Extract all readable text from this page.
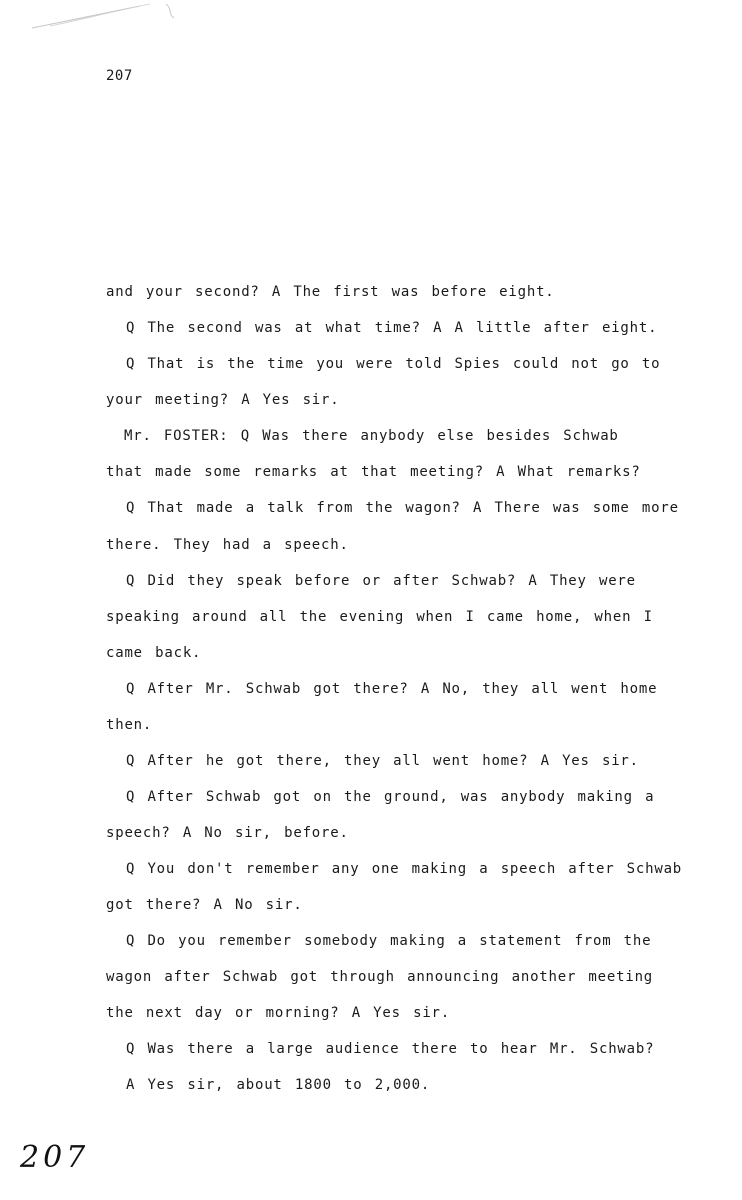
207
and your second? A The first was before eight.
Q The second was at what time? A A little after eight.
Q That is the time you were told Spies could not go to
your meeting? A Yes sir.
Mr. FOSTER: Q Was there anybody else besides Schwab
that made some remarks at that meeting? A What remarks?
Q That made a talk from the wagon? A There was some more
there. They had a speech.
Q Did they speak before or after Schwab? A They were
speaking around all the evening when I came home, when I
came back.
Q After Mr. Schwab got there? A No, they all went home
then.
Q After he got there, they all went home? A Yes sir.
Q After Schwab got on the ground, was anybody making a
speech? A No sir, before.
Q You don't remember any one making a speech after Schwab
got there? A No sir.
Q Do you remember somebody making a statement from the
wagon after Schwab got through announcing another meeting
the next day or morning? A Yes sir.
Q Was there a large audience there to hear Mr. Schwab?
A Yes sir, about 1800 to 2,000.
207
